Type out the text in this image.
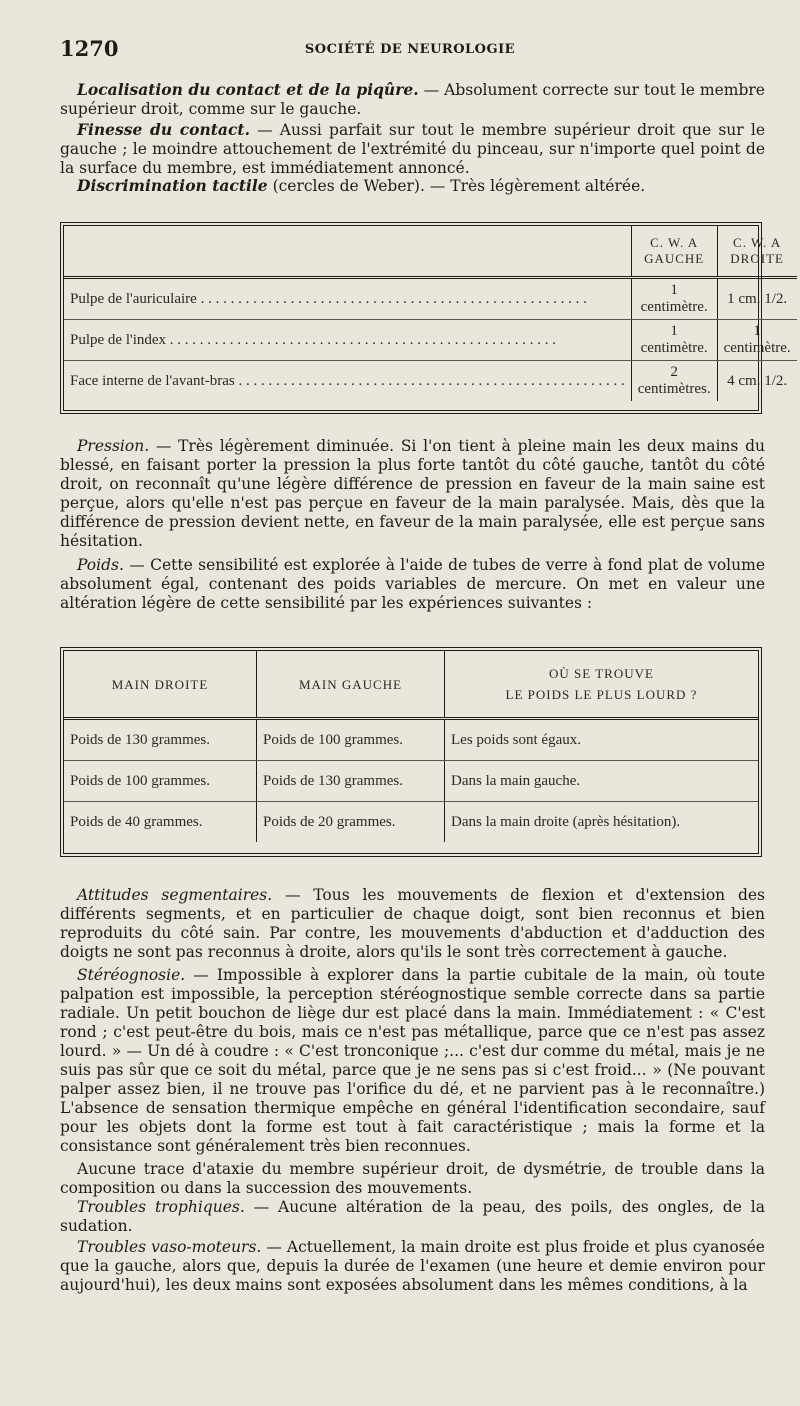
1270	SOCIÉTÉ DE NEUROLOGIE

Localisation du contact et de la piqûre. — Absolument correcte sur tout le membre supérieur droit, comme sur le gauche.

Finesse du contact. — Aussi parfait sur tout le membre supérieur droit que sur le gauche ; le moindre attouchement de l'extrémité du pinceau, sur n'importe quel point de la surface du membre, est immédiatement annoncé.

Discrimination tactile (cercles de Weber). — Très légèrement altérée.

	C. W. A GAUCHE	C. W. A DROITE

Pulpe de l'auriculaire . . .	1 centimètre.	1 cm. 1/2.

Pulpe de l'index . . .	1 centimètre.	1 centimètre.

Face interne de l'avant-bras . . .	2 centimètres.	4 cm. 1/2.

Pression. — Très légèrement diminuée. Si l'on tient à pleine main les deux mains du blessé, en faisant porter la pression la plus forte tantôt du côté gauche, tantôt du côté droit, on reconnaît qu'une légère différence de pression en faveur de la main saine est perçue, alors qu'elle n'est pas perçue en faveur de la main paralysée. Mais, dès que la différence de pression devient nette, en faveur de la main paralysée, elle est perçue sans hésitation.

Poids. — Cette sensibilité est explorée à l'aide de tubes de verre à fond plat de volume absolument égal, contenant des poids variables de mercure. On met en valeur une altération légère de cette sensibilité par les expériences suivantes :

MAIN DROITE	MAIN GAUCHE	OÙ SE TROUVE
LE POIDS LE PLUS LOURD ?

Poids de 130 grammes.	Poids de 100 grammes.	Les poids sont égaux.
Poids de 100 grammes.	Poids de 130 grammes.	Dans la main gauche.
Poids de 40 grammes.	Poids de 20 grammes.	Dans la main droite (après hésitation).

Attitudes segmentaires. — Tous les mouvements de flexion et d'extension des différents segments, et en particulier de chaque doigt, sont bien reconnus et bien reproduits du côté sain. Par contre, les mouvements d'abduction et d'adduction des doigts ne sont pas reconnus à droite, alors qu'ils le sont très correctement à gauche.

Stéréognosie. — Impossible à explorer dans la partie cubitale de la main, où toute palpation est impossible, la perception stéréognostique semble correcte dans sa partie radiale. Un petit bouchon de liège dur est placé dans la main. Immédiatement : « C'est rond ; c'est peut-être du bois, mais ce n'est pas métallique, parce que ce n'est pas assez lourd. » — Un dé à coudre : « C'est tronconique ;... c'est dur comme du métal, mais je ne suis pas sûr que ce soit du métal, parce que je ne sens pas si c'est froid... » (Ne pouvant palper assez bien, il ne trouve pas l'orifice du dé, et ne parvient pas à le reconnaître.) L'absence de sensation thermique empêche en général l'identification secondaire, sauf pour les objets dont la forme est tout à fait caractéristique ; mais la forme et la consistance sont généralement très bien reconnues.

Aucune trace d'ataxie du membre supérieur droit, de dysmétrie, de trouble dans la composition ou dans la succession des mouvements.

Troubles trophiques. — Aucune altération de la peau, des poils, des ongles, de la sudation.

Troubles vaso-moteurs. — Actuellement, la main droite est plus froide et plus cyanosée que la gauche, alors que, depuis la durée de l'examen (une heure et demie environ pour aujourd'hui), les deux mains sont exposées absolument dans les mêmes conditions, à la
